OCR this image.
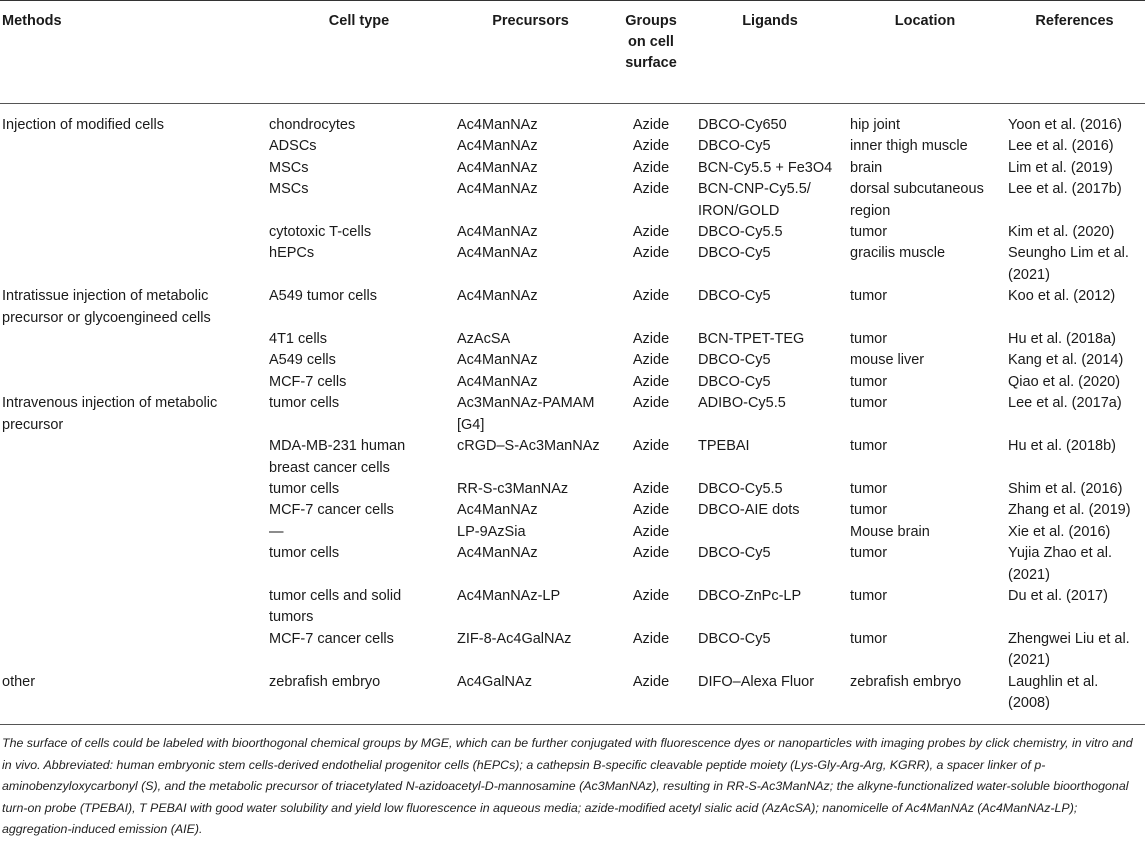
Methods	Cell type	Precursors	Groups on cell surface	Ligands	Location	References
Injection of modified cells	chondrocytes	Ac4ManNAz	Azide	DBCO-Cy650	hip joint	Yoon et al. (2016)
	ADSCs	Ac4ManNAz	Azide	DBCO-Cy5	inner thigh muscle	Lee et al. (2016)
	MSCs	Ac4ManNAz	Azide	BCN-Cy5.5 + Fe3O4	brain	Lim et al. (2019)
	MSCs	Ac4ManNAz	Azide	BCN-CNP-Cy5.5/ IRON/GOLD	dorsal subcutaneous region	Lee et al. (2017b)
	cytotoxic T-cells	Ac4ManNAz	Azide	DBCO-Cy5.5	tumor	Kim et al. (2020)
	hEPCs	Ac4ManNAz	Azide	DBCO-Cy5	gracilis muscle	Seungho Lim et al. (2021)
Intratissue injection of metabolic precursor or glycoengineed cells	A549 tumor cells	Ac4ManNAz	Azide	DBCO-Cy5	tumor	Koo et al. (2012)
	4T1 cells	AzAcSA	Azide	BCN-TPET-TEG	tumor	Hu et al. (2018a)
	A549 cells	Ac4ManNAz	Azide	DBCO-Cy5	mouse liver	Kang et al. (2014)
	MCF-7 cells	Ac4ManNAz	Azide	DBCO-Cy5	tumor	Qiao et al. (2020)
Intravenous injection of metabolic precursor	tumor cells	Ac3ManNAz-PAMAM [G4]	Azide	ADIBO-Cy5.5	tumor	Lee et al. (2017a)
	MDA-MB-231 human breast cancer cells	cRGD–S-Ac3ManNAz	Azide	TPEBAI	tumor	Hu et al. (2018b)
	tumor cells	RR-S-c3ManNAz	Azide	DBCO-Cy5.5	tumor	Shim et al. (2016)
	MCF-7 cancer cells	Ac4ManNAz	Azide	DBCO-AIE dots	tumor	Zhang et al. (2019)
	—	LP-9AzSia	Azide		Mouse brain	Xie et al. (2016)
	tumor cells	Ac4ManNAz	Azide	DBCO-Cy5	tumor	Yujia Zhao et al. (2021)
	tumor cells and solid tumors	Ac4ManNAz-LP	Azide	DBCO-ZnPc-LP	tumor	Du et al. (2017)
	MCF-7 cancer cells	ZIF-8-Ac4GalNAz	Azide	DBCO-Cy5	tumor	Zhengwei Liu et al. (2021)
other	zebrafish embryo	Ac4GalNAz	Azide	DIFO–Alexa Fluor	zebrafish embryo	Laughlin et al. (2008)
The surface of cells could be labeled with bioorthogonal chemical groups by MGE, which can be further conjugated with fluorescence dyes or nanoparticles with imaging probes by click chemistry, in vitro and in vivo. Abbreviated: human embryonic stem cells-derived endothelial progenitor cells (hEPCs); a cathepsin B-specific cleavable peptide moiety (Lys-Gly-Arg-Arg, KGRR), a spacer linker of p-aminobenzyloxycarbonyl (S), and the metabolic precursor of triacetylated N-azidoacetyl-D-mannosamine (Ac3ManNAz), resulting in RR-S-Ac3ManNAz; the alkyne-functionalized water-soluble bioorthogonal turn-on probe (TPEBAI), T PEBAI with good water solubility and yield low fluorescence in aqueous media; azide-modified acetyl sialic acid (AzAcSA); nanomicelle of Ac4ManNAz (Ac4ManNAz-LP); aggregation-induced emission (AIE).
